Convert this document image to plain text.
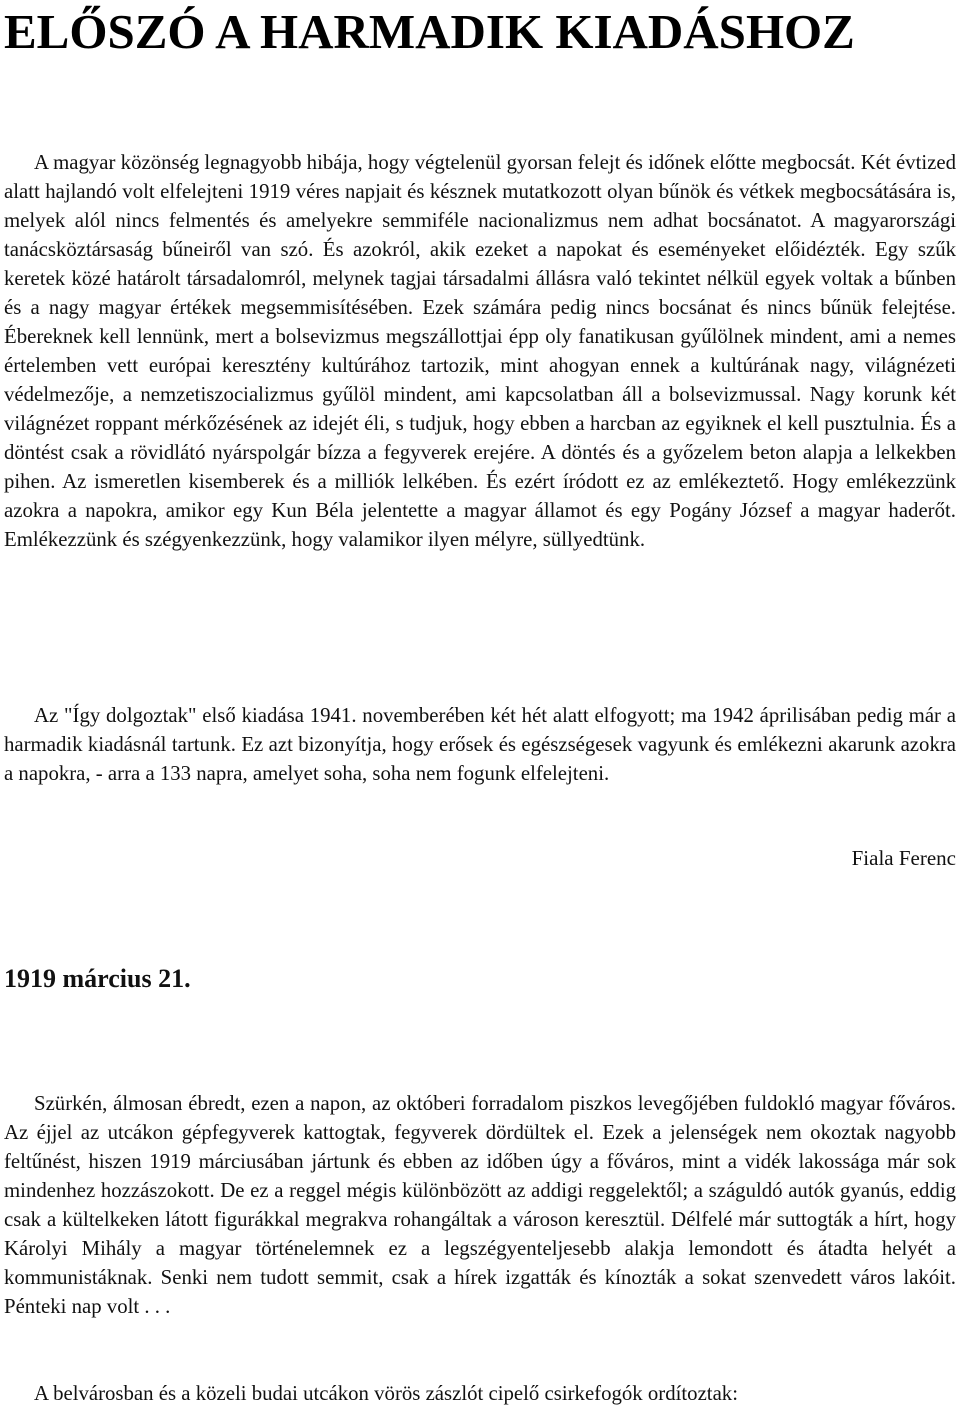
ELŐSZÓ A HARMADIK KIADÁSHOZ

A magyar közönség legnagyobb hibája, hogy végtelenül gyorsan felejt és időnek előtte megbocsát. Két évtized alatt hajlandó volt elfelejteni 1919 véres napjait és késznek mutatkozott olyan bűnök és vétkek megbocsátására is, melyek alól nincs felmentés és amelyekre semmiféle nacionalizmus nem adhat bocsánatot. A magyarországi tanácsköztársaság bűneiről van szó. És azokról, akik ezeket a napokat és eseményeket előidézték. Egy szűk keretek közé határolt társadalomról, melynek tagjai társadalmi állásra való tekintet nélkül egyek voltak a bűnben és a nagy magyar értékek megsemmisítésében. Ezek számára pedig nincs bocsánat és nincs bűnük felejtése. Éberеknek kell lennünk, mert a bolsevizmus megszállottjai épp oly fanatikusan gyűlölnek mindent, ami a nemes értelemben vett európai keresztény kultúrához tartozik, mint ahogyan ennek a kultúrának nagy, világnézeti védelmezője, a nemzetiszocializmus gyűlöl mindent, ami kapcsolatban áll a bolsevizmussal. Nagy korunk két világnézet roppant mérkőzésének az idejét éli, s tudjuk, hogy ebben a harcban az egyiknek el kell pusztulnia. És a döntést csak a rövidlátó nyárspolgár bízza a fegyverek erejére. A döntés és a győzelem beton alapja a lelkekben pihen. Az ismeretlen kisemberek és a milliók lelkében. És ezért íródott ez az emlékeztető. Hogy emlékezzünk azokra a napokra, amikor egy Kun Béla jelentette a magyar államot és egy Pogány József a magyar haderőt. Emlékezzünk és szégyenkezzünk, hogy valamikor ilyen mélyre, süllyedtünk.

Az "Így dolgoztak" első kiadása 1941. novemberében két hét alatt elfogyott; ma 1942 áprilisában pedig már a harmadik kiadásnál tartunk. Ez azt bizonyítja, hogy erősek és egészségesek vagyunk és emlékezni akarunk azokra a napokra, - arra a 133 napra, amelyet soha, soha nem fogunk elfelejteni.

Fiala Ferenc

1919 március 21.

Szürkén, álmosan ébredt, ezen a napon, az októberi forradalom piszkos levegőjében fuldokló magyar főváros. Az éjjel az utcákon gépfegyverek kattogtak, fegyverek dördültek el. Ezek a jelenségek nem okoztak nagyobb feltűnést, hiszen 1919 márciusában jártunk és ebben az időben úgy a főváros, mint a vidék lakossága már sok mindenhez hozzászokott. De ez a reggel mégis különbözött az addigi reggelektől; a száguldó autók gyanús, eddig csak a kültelkeken látott figurákkal megrakva rohangáltak a városon keresztül. Délfelé már suttogták a hírt, hogy Károlyi Mihály a magyar történelemnek ez a legszégyenteljesebb alakja lemondott és átadta helyét a kommunistáknak. Senki nem tudott semmit, csak a hírek izgatták és kínozták a sokat szenvedett város lakóit. Pénteki nap volt . . .

A belvárosban és a közeli budai utcákon vörös zászlót cipelő csirkefogók ordítoztak:
